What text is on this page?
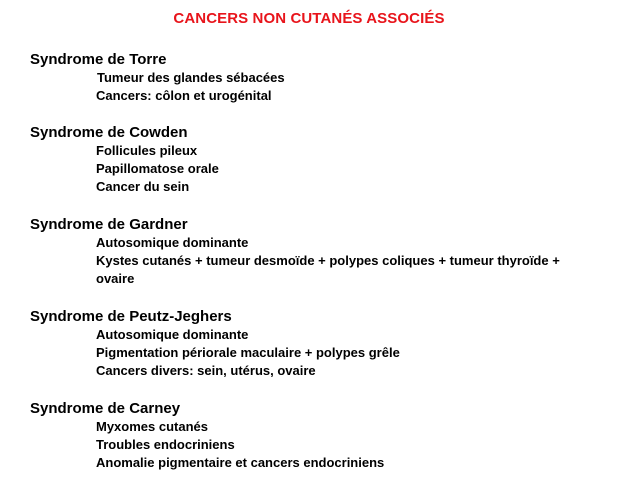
CANCERS NON CUTANÉS ASSOCIÉS
Syndrome de Torre
Tumeur des glandes sébacées
Cancers: côlon et urogénital
Syndrome de Cowden
Follicules pileux
Papillomatose orale
Cancer du sein
Syndrome de Gardner
Autosomique dominante
Kystes cutanés + tumeur desmoïde + polypes coliques + tumeur thyroïde + ovaire
Syndrome de Peutz-Jeghers
Autosomique dominante
Pigmentation périorale maculaire + polypes grêle
Cancers divers: sein, utérus, ovaire
Syndrome de Carney
Myxomes cutanés
Troubles endocriniens
Anomalie pigmentaire et cancers endocriniens
